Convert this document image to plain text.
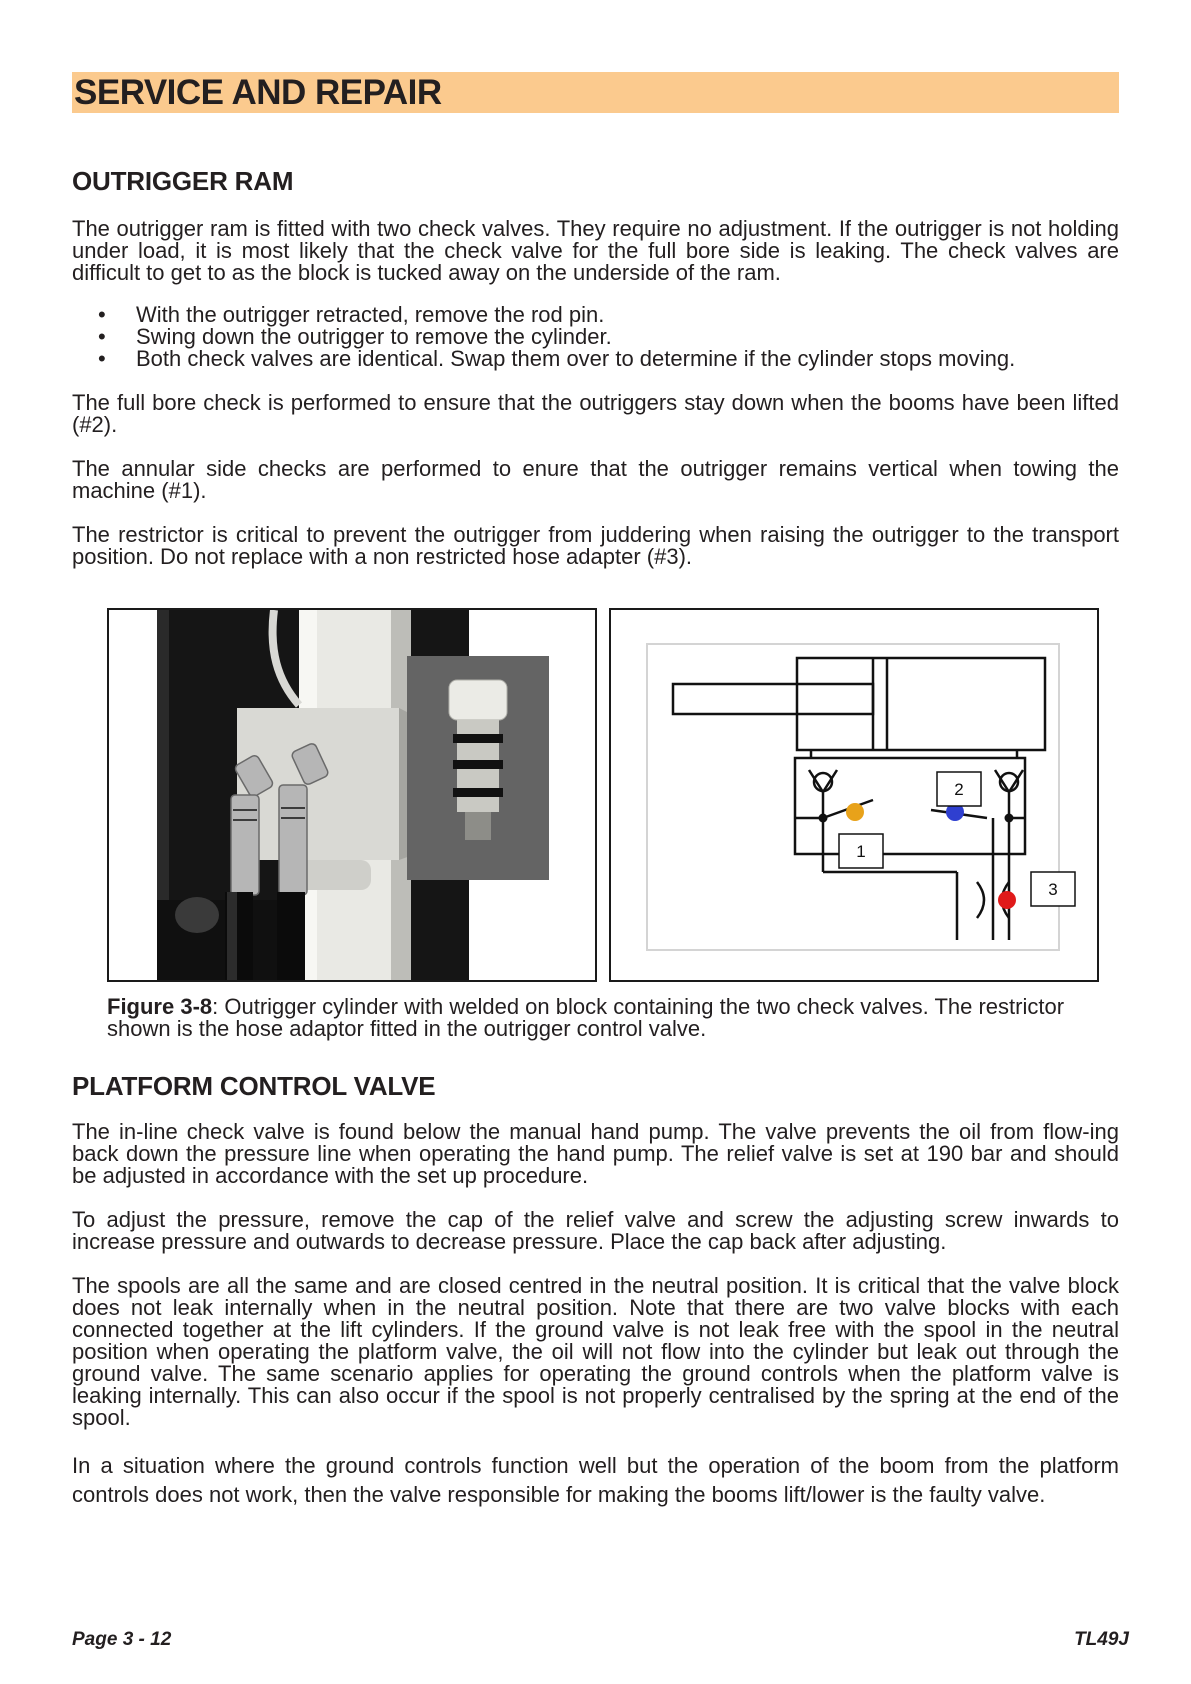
SERVICE AND REPAIR
OUTRIGGER RAM

The outrigger ram is fitted with two check valves. They require no adjustment. If the outrigger is not holding under load, it is most likely that the check valve for the full bore side is leaking. The check valves are difficult to get to as the block is tucked away on the underside of the ram.

• With the outrigger retracted, remove the rod pin.
• Swing down the outrigger to remove the cylinder.
• Both check valves are identical. Swap them over to determine if the cylinder stops moving.

The full bore check is performed to ensure that the outriggers stay down when the booms have been lifted (#2).

The annular side checks are performed to enure that the outrigger remains vertical when towing the machine (#1).

The restrictor is critical to prevent the outrigger from juddering when raising the outrigger to the transport position. Do not replace with a non restricted hose adapter (#3).

1
2
3

Figure 3-8: Outrigger cylinder with welded on block containing the two check valves. The restrictor shown is the hose adaptor fitted in the outrigger control valve.

PLATFORM CONTROL VALVE

The in-line check valve is found below the manual hand pump. The valve prevents the oil from flow-ing back down the pressure line when operating the hand pump. The relief valve is set at 190 bar and should be adjusted in accordance with the set up procedure.

To adjust the pressure, remove the cap of the relief valve and screw the adjusting screw inwards to increase pressure and outwards to decrease pressure. Place the cap back after adjusting.

The spools are all the same and are closed centred in the neutral position. It is critical that the valve block does not leak internally when in the neutral position. Note that there are two valve blocks with each connected together at the lift cylinders. If the ground valve is not leak free with the spool in the neutral position when operating the platform valve, the oil will not flow into the cylinder but leak out through the ground valve. The same scenario applies for operating the ground controls when the platform valve is leaking internally. This can also occur if the spool is not properly centralised by the spring at the end of the spool.

In a situation where the ground controls function well but the operation of the boom from the platform controls does not work, then the valve responsible for making the booms lift/lower is the faulty valve.

Page 3 - 12	TL49J
